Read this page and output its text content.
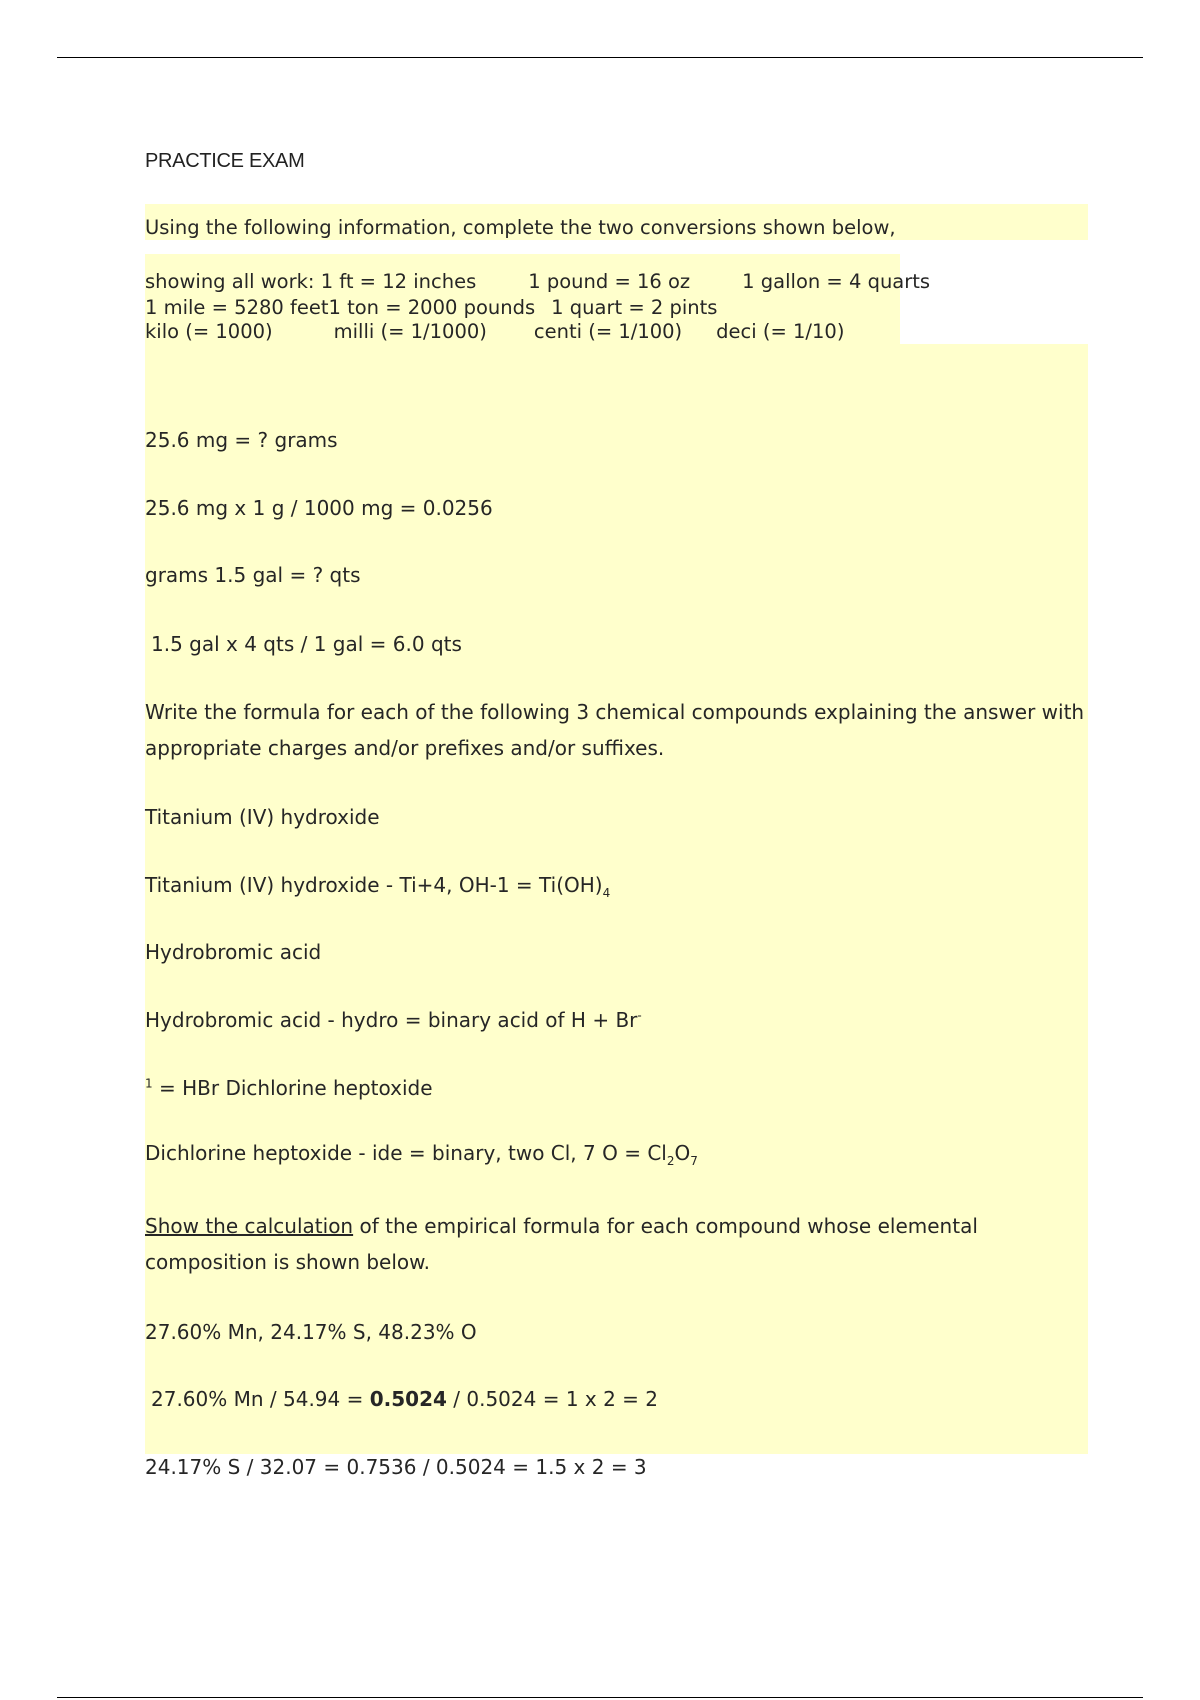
PRACTICE EXAM
Using the following information, complete the two conversions shown below,
showing all work: 1 ft = 12 inches	1 pound = 16 oz	1 gallon = 4 quarts
1 mile = 5280 feet1 ton = 2000 pounds 1 quart = 2 pints
kilo (= 1000)	milli (= 1/1000) centi (= 1/100) deci (= 1/10)
25.6 mg = ? grams
25.6 mg x 1 g / 1000 mg = 0.0256
grams 1.5 gal = ? qts
1.5 gal x 4 qts / 1 gal = 6.0 qts
Write the formula for each of the following 3 chemical compounds explaining the answer with appropriate charges and/or prefixes and/or suffixes.
Titanium (IV) hydroxide
Titanium (IV) hydroxide - Ti+4, $OH-1 = Ti(OH)_4$
Hydrobromic acid
Hydrobromic acid - hydro = binary acid of H + Br-
$^1$ = HBr Dichlorine heptoxide
Dichlorine heptoxide - ide = binary, two Cl, 7 $O = Cl_2O_7$
Show the calculation of the empirical formula for each compound whose elemental composition is shown below.
27.60% Mn, 24.17% S, 48.23% O
27.60% Mn / 54.94 = 0.5024 / 0.5024 = 1 x 2 = 2
24.17% S / 32.07 = 0.7536 / 0.5024 = 1.5 x 2 = 3
